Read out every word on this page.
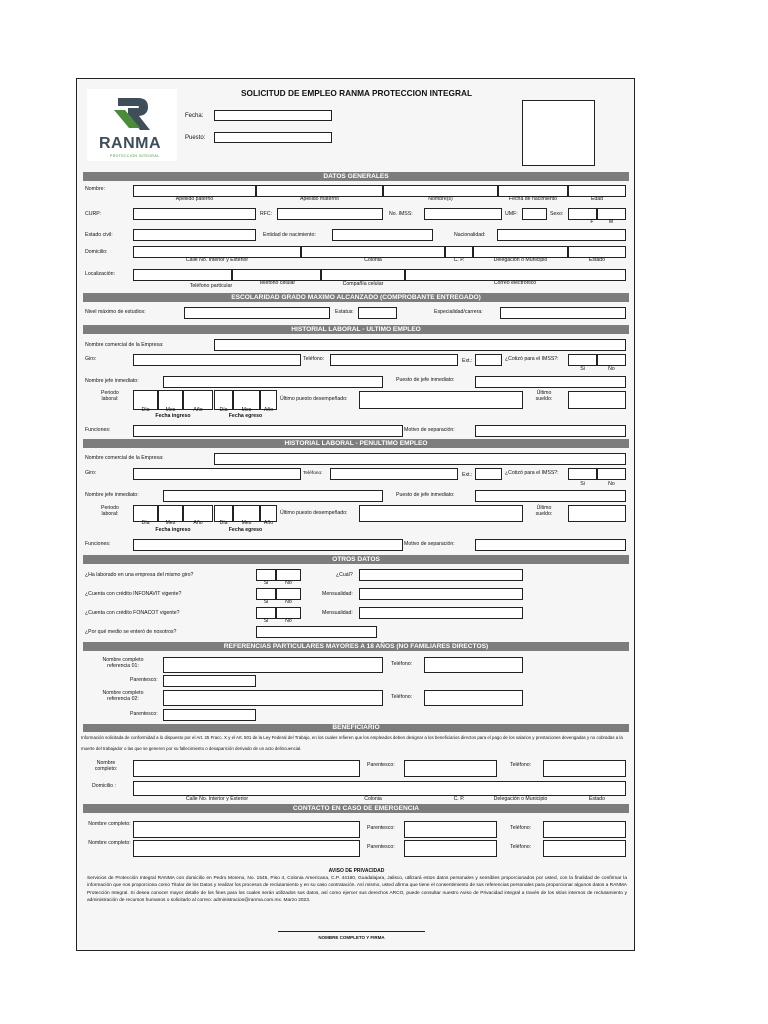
SOLICITUD DE EMPLEO RANMA PROTECCION INTEGRAL
RANMA
PROTECCIÓN INTEGRAL
Fecha:
Puesto:
DATOS GENERALES
Nombre:
Apellido paterno	Apellido materno	Nombre(s)	Fecha de nacimiento	Edad
CURP:	RFC:	No. IMSS:	UMF:	Sexo:
F	M
Estado civil:	Entidad de nacimiento:	Nacionalidad:
Domicilio:
Calle No. Interior y Exterior	Colonia	C. P.	Delegación o Municipio	Estado
Localización:
Teléfono particular	Teléfono celular	Compañía celular	Correo electrónico
ESCOLARIDAD GRADO MAXIMO ALCANZADO (COMPROBANTE ENTREGADO)
Nivel máximo de estudios:	Estatus:	Especialidad/carrera:
HISTORIAL LABORAL - ULTIMO EMPLEO
Nombre comercial de la Empresa:
Giro:	Teléfono:	Ext.:	¿Cotizó para el IMSS?:
Si	No
Nombre jefe inmediato:	Puesto de jefe inmediato:
Periodo laboral:
Día	Mes	Año	Día	Mes	Año
Fecha ingreso	Fecha egreso
Último puesto desempeñado:
Último sueldo:
Funciones:	Motivo de separación:
HISTORIAL LABORAL - PENULTIMO EMPLEO
Nombre comercial de la Empresa:
Giro:	Teléfono:	Ext.:	¿Cotizó para el IMSS?:
Si	No
Nombre jefe inmediato:	Puesto de jefe inmediato:
Periodo laboral:
Día	Mes	Año	Día	Mes	Año
Fecha ingreso	Fecha egreso
Último puesto desempeñado:
Último sueldo:
Funciones:	Motivo de separación:
OTROS DATOS
¿Ha laborado en una empresa del mismo giro?
Si	No
¿Cuál?
¿Cuenta con crédito INFONAVIT vigente?
Si	No
Mensualidad:
¿Cuenta con crédito FONACOT vigente?
Si	No
Mensualidad:
¿Por qué medio se enteró de nosotros?
REFERENCIAS PARTICULARES MAYORES A 18 AÑOS (NO FAMILIARES DIRECTOS)
Nombre completo referencia 01:	Teléfono:
Parentesco:
Nombre completo referencia 02:	Teléfono:
Parentesco:
BENEFICIARIO
Información solicitada de conformidad a lo dispuesto por el Art. 25 Fracc. X y el Art. 501 de la Ley Federal del Trabajo, en los cuales refieren que los empleados deben designar a los beneficiarios directos para el pago de los salarios y prestaciones devengadas y no cobradas a la muerte del trabajador o las que se generen por su fallecimiento o desaparición derivado de un acto delincuencial.
Nombre completo:
Parentesco:	Teléfono:
Domicilio :
Calle No. Interior y Exterior	Colonia	C. P.	Delegación o Municipio	Estado
CONTACTO EN CASO DE EMERGENCIA
Nombre completo:
Parentesco:	Teléfono:
Nombre completo:
Parentesco:	Teléfono:
AVISO DE PRIVACIDAD
Servicios de Protección Integral RANMA con domicilio en Pedro Moreno, No. 1545, Piso 4, Colonia Americana, C.P. 44160, Guadalajara, Jalisco, utilizará estos datos personales y sensibles proporcionados por usted, con la finalidad de confirmar la información que nos proporciona como Titular de los Datos y realizar los procesos de reclutamiento y en su caso contratación. Así mismo, usted afirma que tiene el consentimiento de sus referencias personales para proporcionar algunos datos a RANMA Protección Integral. Si desea conocer mayor detalle de los fines para los cuales serán utilizados sus datos, así como ejercer sus derechos ARCO, puede consultar nuestro Aviso de Privacidad integral a través de los sitios internos de reclutamiento y administración de recursos humanos o solicitarlo al correo: administracion@ranma.com.mx. Marzo 2023.
NOMBRE COMPLETO Y FIRMA
